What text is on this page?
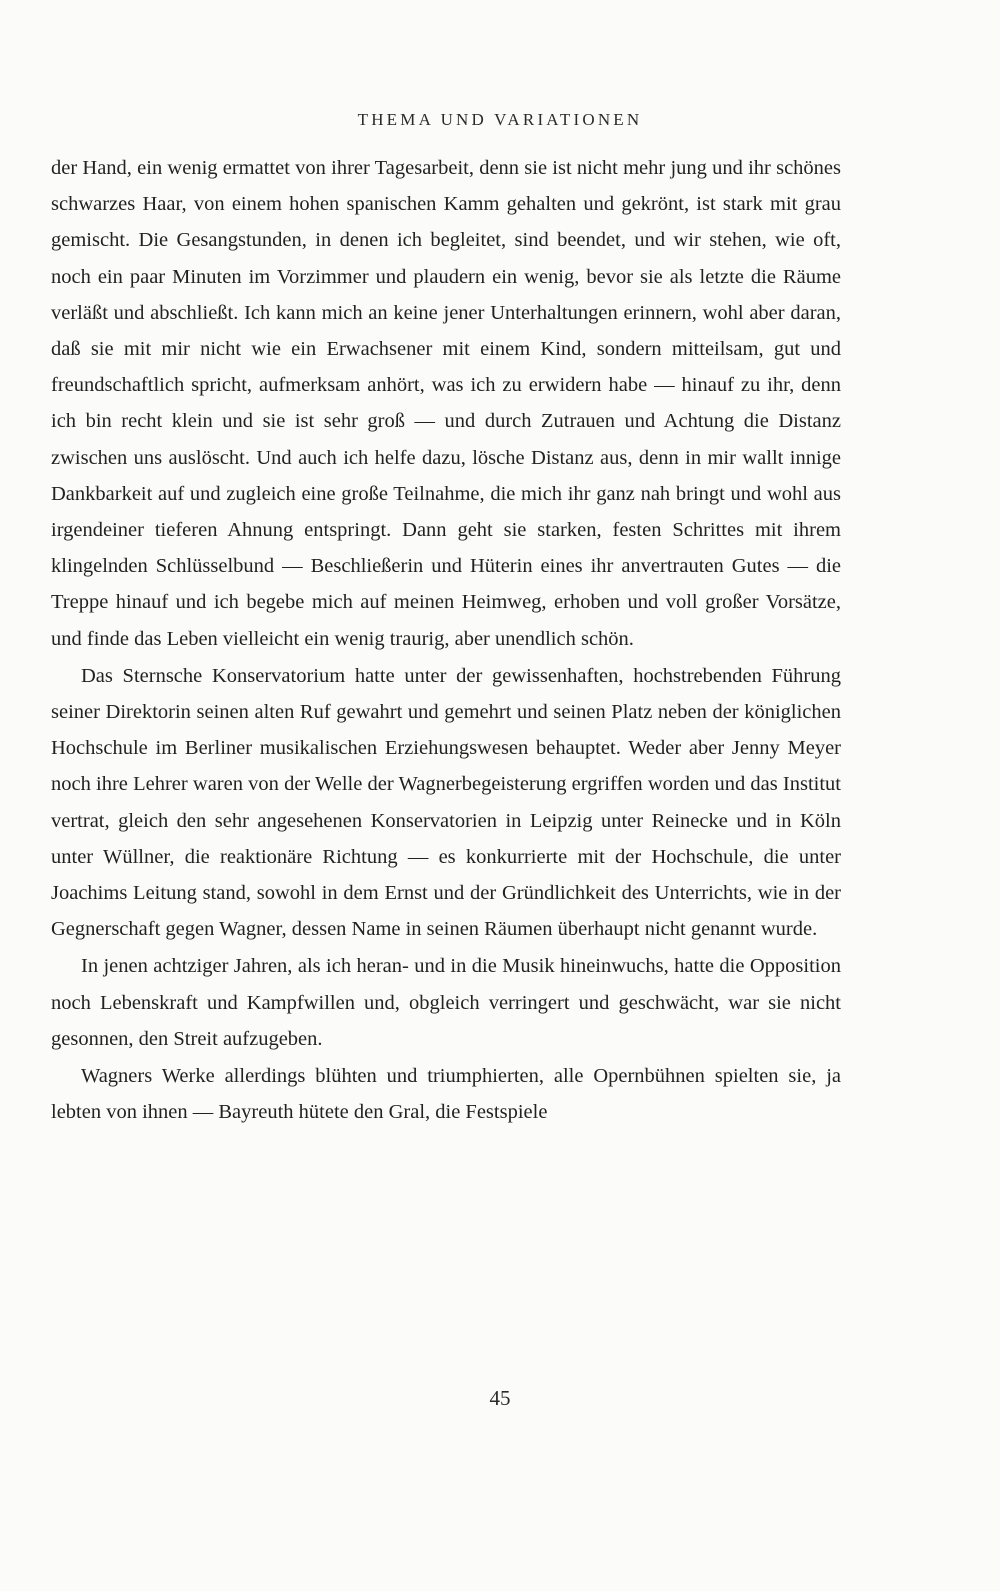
THEMA UND VARIATIONEN

der Hand, ein wenig ermattet von ihrer Tagesarbeit, denn sie ist nicht mehr jung und ihr schönes schwarzes Haar, von einem hohen spanischen Kamm gehalten und gekrönt, ist stark mit grau gemischt. Die Gesangstunden, in denen ich begleitet, sind beendet, und wir stehen, wie oft, noch ein paar Minuten im Vorzimmer und plaudern ein wenig, bevor sie als letzte die Räume verläßt und abschließt. Ich kann mich an keine jener Unterhaltungen erinnern, wohl aber daran, daß sie mit mir nicht wie ein Erwachsener mit einem Kind, sondern mitteilsam, gut und freundschaftlich spricht, aufmerksam anhört, was ich zu erwidern habe — hinauf zu ihr, denn ich bin recht klein und sie ist sehr groß — und durch Zutrauen und Achtung die Distanz zwischen uns auslöscht. Und auch ich helfe dazu, lösche Distanz aus, denn in mir wallt innige Dankbarkeit auf und zugleich eine große Teilnahme, die mich ihr ganz nah bringt und wohl aus irgendeiner tieferen Ahnung entspringt. Dann geht sie starken, festen Schrittes mit ihrem klingelnden Schlüsselbund — Beschließerin und Hüterin eines ihr anvertrauten Gutes — die Treppe hinauf und ich begebe mich auf meinen Heimweg, erhoben und voll großer Vorsätze, und finde das Leben vielleicht ein wenig traurig, aber unendlich schön.

Das Sternsche Konservatorium hatte unter der gewissenhaften, hochstrebenden Führung seiner Direktorin seinen alten Ruf gewahrt und gemehrt und seinen Platz neben der königlichen Hochschule im Berliner musikalischen Erziehungswesen behauptet. Weder aber Jenny Meyer noch ihre Lehrer waren von der Welle der Wagnerbegeisterung ergriffen worden und das Institut vertrat, gleich den sehr angesehenen Konservatorien in Leipzig unter Reinecke und in Köln unter Wüllner, die reaktionäre Richtung — es konkurrierte mit der Hochschule, die unter Joachims Leitung stand, sowohl in dem Ernst und der Gründlichkeit des Unterrichts, wie in der Gegnerschaft gegen Wagner, dessen Name in seinen Räumen überhaupt nicht genannt wurde.

In jenen achtziger Jahren, als ich heran- und in die Musik hineinwuchs, hatte die Opposition noch Lebenskraft und Kampfwillen und, obgleich verringert und geschwächt, war sie nicht gesonnen, den Streit aufzugeben.

Wagners Werke allerdings blühten und triumphierten, alle Opernbühnen spielten sie, ja lebten von ihnen — Bayreuth hütete den Gral, die Festspiele

45
